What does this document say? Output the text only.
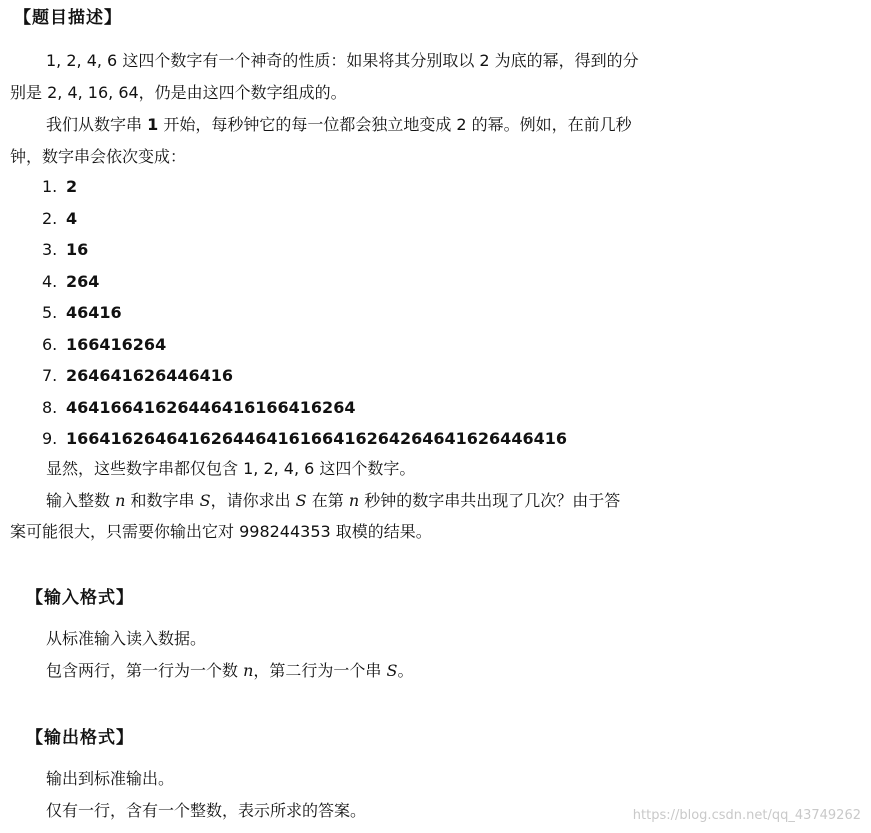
【题目描述】
1, 2, 4, 6 这四个数字有一个神奇的性质：如果将其分别取以 2 为底的幂，得到的分
别是 2, 4, 16, 64，仍是由这四个数字组成的。
我们从数字串 1 开始，每秒钟它的每一位都会独立地变成 2 的幂。例如，在前几秒
钟，数字串会依次变成：
1. 2
2. 4
3. 16
4. 264
5. 46416
6. 166416264
7. 264641626446416
8. 46416641626446416166416264
9. 166416264641626446416166416264264641626446416
显然，这些数字串都仅包含 1, 2, 4, 6 这四个数字。
输入整数 n 和数字串 S，请你求出 S 在第 n 秒钟的数字串共出现了几次？由于答
案可能很大，只需要你输出它对 998244353 取模的结果。
【输入格式】
从标准输入读入数据。
包含两行，第一行为一个数 n，第二行为一个串 S。
【输出格式】
输出到标准输出。
仅有一行，含有一个整数，表示所求的答案。	https://blog.csdn.net/qq_43749262
